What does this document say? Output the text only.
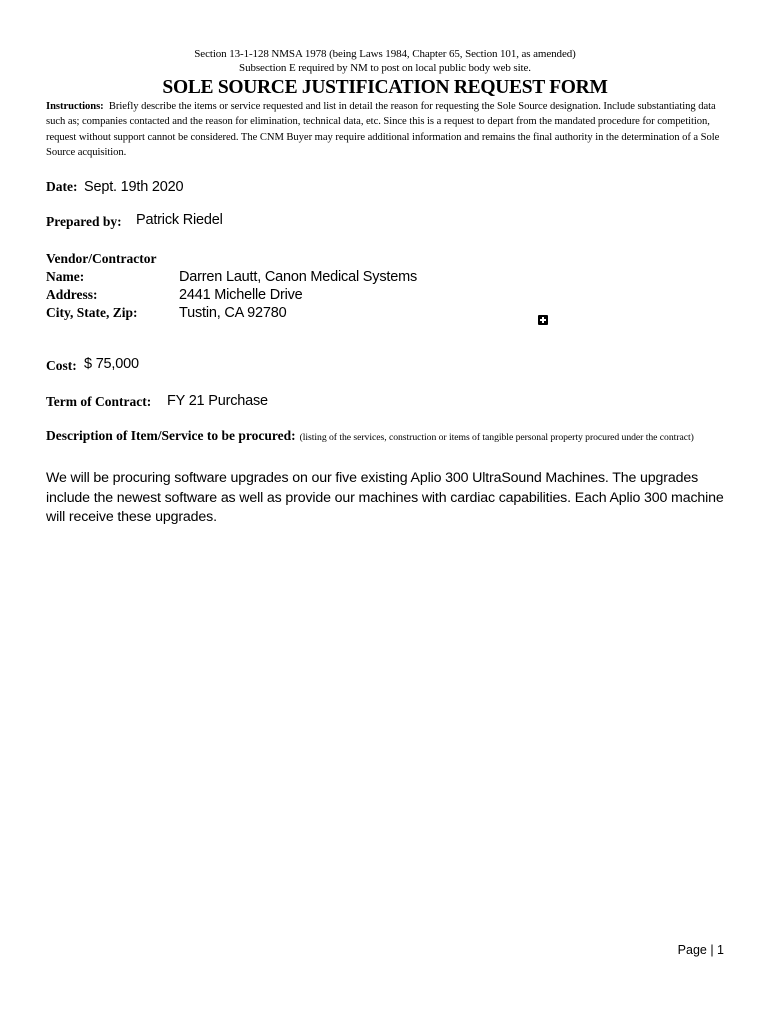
Section 13-1-128 NMSA 1978 (being Laws 1984, Chapter 65, Section 101, as amended)
Subsection E required by NM to post on local public body web site.
SOLE SOURCE JUSTIFICATION REQUEST FORM
Instructions: Briefly describe the items or service requested and list in detail the reason for requesting the Sole Source designation. Include substantiating data such as; companies contacted and the reason for elimination, technical data, etc. Since this is a request to depart from the mandated procedure for competition, request without support cannot be considered. The CNM Buyer may require additional information and remains the final authority in the determination of a Sole Source acquisition.
Date: Sept. 19th 2020
Prepared by: Patrick Riedel
Vendor/Contractor
Name:	Darren Lautt, Canon Medical Systems
Address:	2441 Michelle Drive
City, State, Zip:	Tustin, CA 92780
Cost: $ 75,000
Term of Contract: FY 21 Purchase
Description of Item/Service to be procured: (listing of the services, construction or items of tangible personal property procured under the contract)
We will be procuring software upgrades on our five existing Aplio 300 UltraSound Machines. The upgrades include the newest software as well as provide our machines with cardiac capabilities. Each Aplio 300 machine will receive these upgrades.
Page | 1
